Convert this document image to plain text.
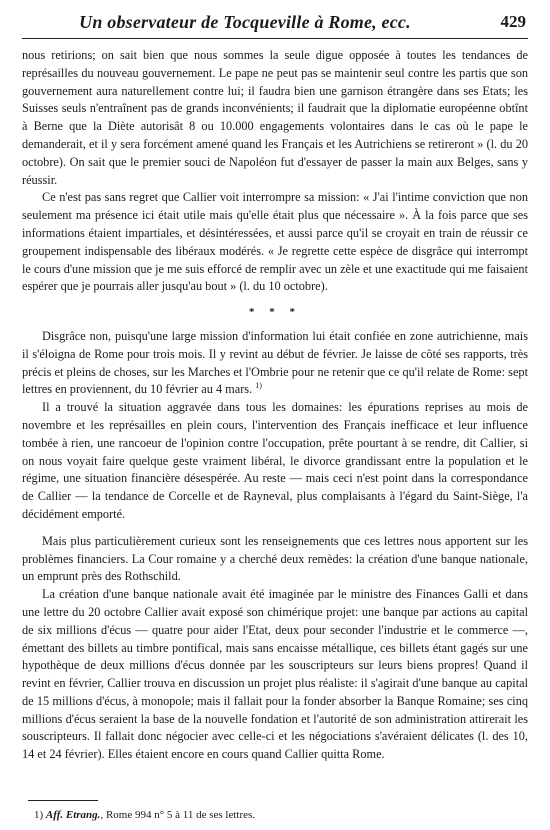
Un observateur de Tocqueville à Rome, ecc.	429

nous retirions; on sait bien que nous sommes la seule digue opposée à toutes les tendances de représailles du nouveau gouvernement. Le pape ne peut pas se maintenir seul contre les partis que son gouvernement aura naturellement contre lui; il faudra bien une garnison étrangère dans ses Etats; les Suisses seuls n'entraînent pas de grands inconvénients; il faudrait que la diplomatie européenne obtînt à Berne que la Diète autorisât 8 ou 10.000 engagements volontaires dans le cas où le pape le demanderait, et il y sera forcément amené quand les Français et les Autrichiens se retireront » (l. du 20 octobre). On sait que le premier souci de Napoléon fut d'essayer de passer la main aux Belges, sans y réussir.

Ce n'est pas sans regret que Callier voit interrompre sa mission: « J'ai l'intime conviction que non seulement ma présence ici était utile mais qu'elle était plus que nécessaire ». À la fois parce que ses informations étaient impartiales, et désintéressées, et aussi parce qu'il se croyait en train de réussir ce groupement indispensable des libéraux modérés. « Je regrette cette espèce de disgrâce qui interrompt le cours d'une mission que je me suis efforcé de remplir avec un zèle et une exactitude qui me faisaient espérer que je pourrais aller jusqu'au bout » (l. du 10 octobre).

* * *

Disgrâce non, puisqu'une large mission d'information lui était confiée en zone autrichienne, mais il s'éloigna de Rome pour trois mois. Il y revint au début de février. Je laisse de côté ses rapports, très précis et pleins de choses, sur les Marches et l'Ombrie pour ne retenir que ce qu'il relate de Rome: sept lettres en proviennent, du 10 février au 4 mars. $^{1)}$

Il a trouvé la situation aggravée dans tous les domaines: les épurations reprises au mois de novembre et les représailles en plein cours, l'intervention des Français inefficace et leur influence tombée à rien, une rancoeur de l'opinion contre l'occupation, prête pourtant à se rendre, dit Callier, si on nous voyait faire quelque geste vraiment libéral, le divorce grandissant entre la population et le régime, une situation financière désespérée. Au reste — mais ceci n'est point dans la correspondance de Callier — la tendance de Corcelle et de Rayneval, plus complaisants à l'égard du Saint-Siège, l'a décidément emporté.

Mais plus particulièrement curieux sont les renseignements que ces lettres nous apportent sur les problèmes financiers. La Cour romaine y a cherché deux remèdes: la création d'une banque nationale, un emprunt près des Rothschild.

La création d'une banque nationale avait été imaginée par le ministre des Finances Galli et dans une lettre du 20 octobre Callier avait exposé son chimérique projet: une banque par actions au capital de six millions d'écus — quatre pour aider l'Etat, deux pour seconder l'industrie et le commerce —, émettant des billets au timbre pontifical, mais sans encaisse métallique, ces billets étant gagés sur une hypothèque de deux millions d'écus donnée par les souscripteurs sur leurs biens propres! Quand il revint en février, Callier trouva en discussion un projet plus réaliste: il s'agirait d'une banque au capital de 15 millions d'écus, à monopole; mais il fallait pour la fonder absorber la Banque Romaine; ses cinq millions d'écus seraient la base de la nouvelle fondation et l'autorité de son administration attirerait les souscripteurs. Il fallait donc négocier avec celle-ci et les négociations s'avéraient délicates (l. des 10, 14 et 24 février). Elles étaient encore en cours quand Callier quitta Rome.

1) Aff. Etrang., Rome 994 n° 5 à 11 de ses lettres.
